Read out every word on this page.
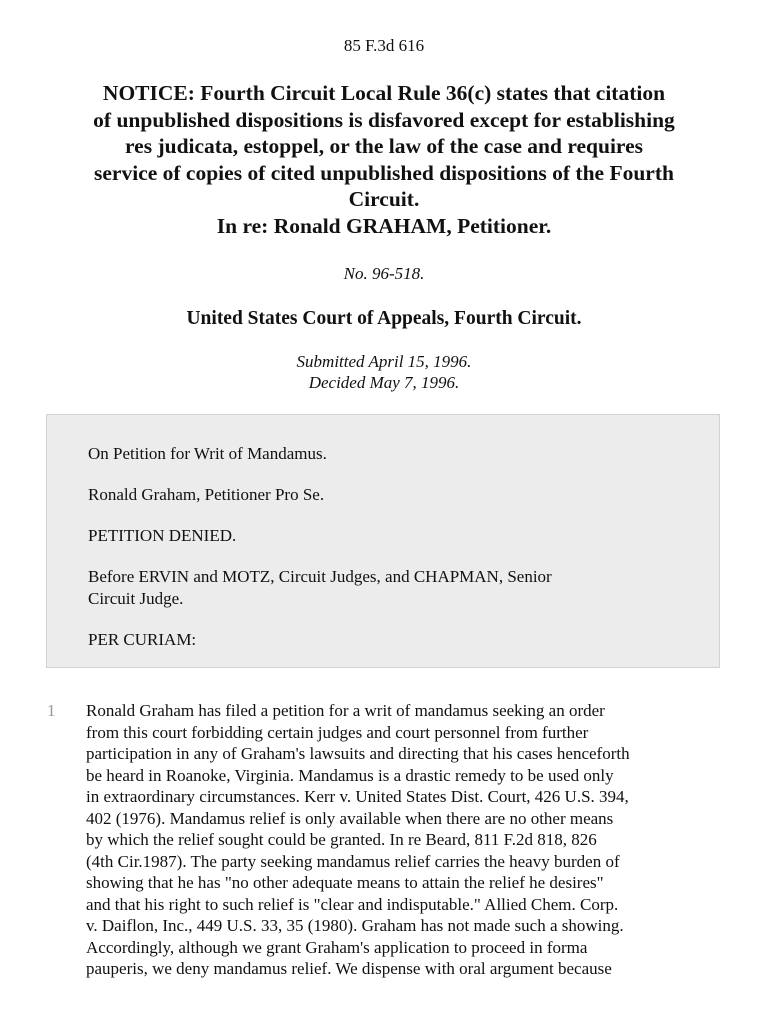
85 F.3d 616
NOTICE: Fourth Circuit Local Rule 36(c) states that citation
of unpublished dispositions is disfavored except for establishing
res judicata, estoppel, or the law of the case and requires
service of copies of cited unpublished dispositions of the Fourth
Circuit.
In re: Ronald GRAHAM, Petitioner.
No. 96-518.
United States Court of Appeals, Fourth Circuit.
Submitted April 15, 1996.
Decided May 7, 1996.

On Petition for Writ of Mandamus.

Ronald Graham, Petitioner Pro Se.

PETITION DENIED.

Before ERVIN and MOTZ, Circuit Judges, and CHAPMAN, Senior
Circuit Judge.

PER CURIAM:

1 Ronald Graham has filed a petition for a writ of mandamus seeking an order
from this court forbidding certain judges and court personnel from further
participation in any of Graham's lawsuits and directing that his cases henceforth
be heard in Roanoke, Virginia. Mandamus is a drastic remedy to be used only
in extraordinary circumstances. Kerr v. United States Dist. Court, 426 U.S. 394,
402 (1976). Mandamus relief is only available when there are no other means
by which the relief sought could be granted. In re Beard, 811 F.2d 818, 826
(4th Cir.1987). The party seeking mandamus relief carries the heavy burden of
showing that he has "no other adequate means to attain the relief he desires"
and that his right to such relief is "clear and indisputable." Allied Chem. Corp.
v. Daiflon, Inc., 449 U.S. 33, 35 (1980). Graham has not made such a showing.
Accordingly, although we grant Graham's application to proceed in forma
pauperis, we deny mandamus relief. We dispense with oral argument because
